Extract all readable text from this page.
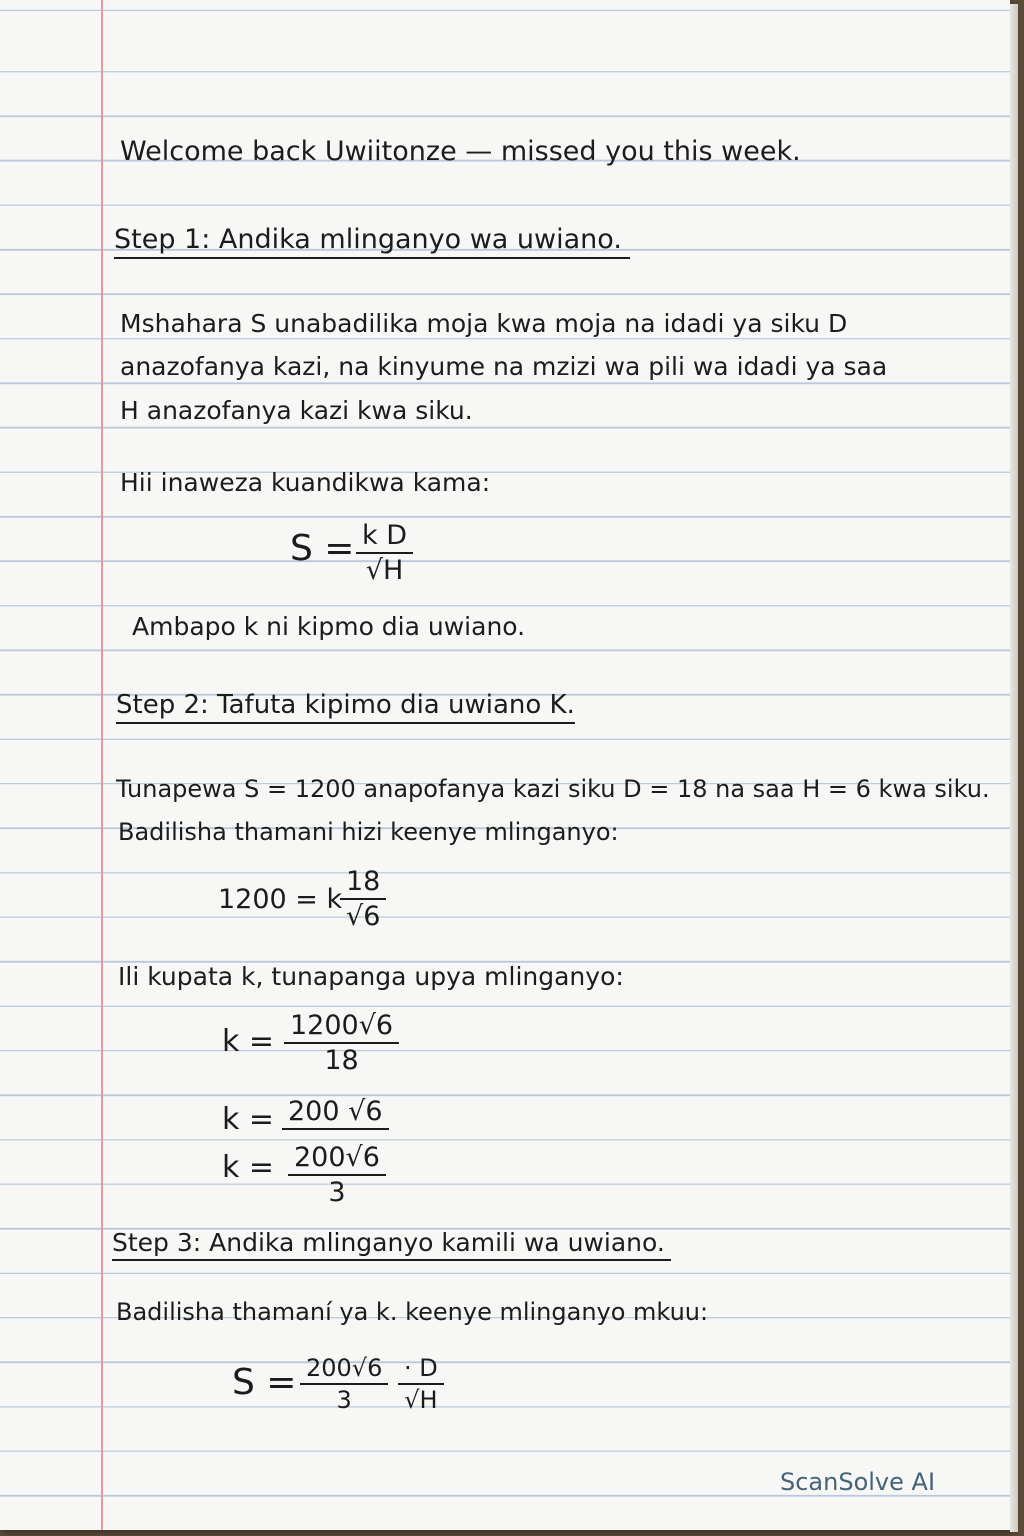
Welcome back Uwiitonze — missed you this week.
Step 1: Andika mlinganyo wa uwiano.
Mshahara S unabadilika moja kwa moja na idadi ya siku D
anazofanya kazi, na kinyume na mzizi wa pili wa idadi ya saa
H anazofanya kazi kwa siku.
Hii inaweza kuandikwa kama:
$S = \frac{\text{k D}}{√H}$
Ambapo k ni kipmo dia uwiano.
Step 2: Tafuta kipimo dia uwiano K.
Tunapewa S = 1200 anapofanya kazi siku D = 18 na saa H = 6 kwa siku.
Badilisha thamani hizi keenye mlinganyo:
1200 = k
$\frac{18}{√6}$
Ili kupata k, tunapanga upya mlinganyo:
$k = \frac{1200√6}{18}$
k = 200 √6
$k = \frac{200√6}{3}$
Step 3: Andika mlinganyo kamili wa uwiano.
Badilisha thamaní ya k. keenye mlinganyo mkuu:
$S = \frac{200√6}{3} \frac{\cdot D}{√H}$
ScanSolve AI
